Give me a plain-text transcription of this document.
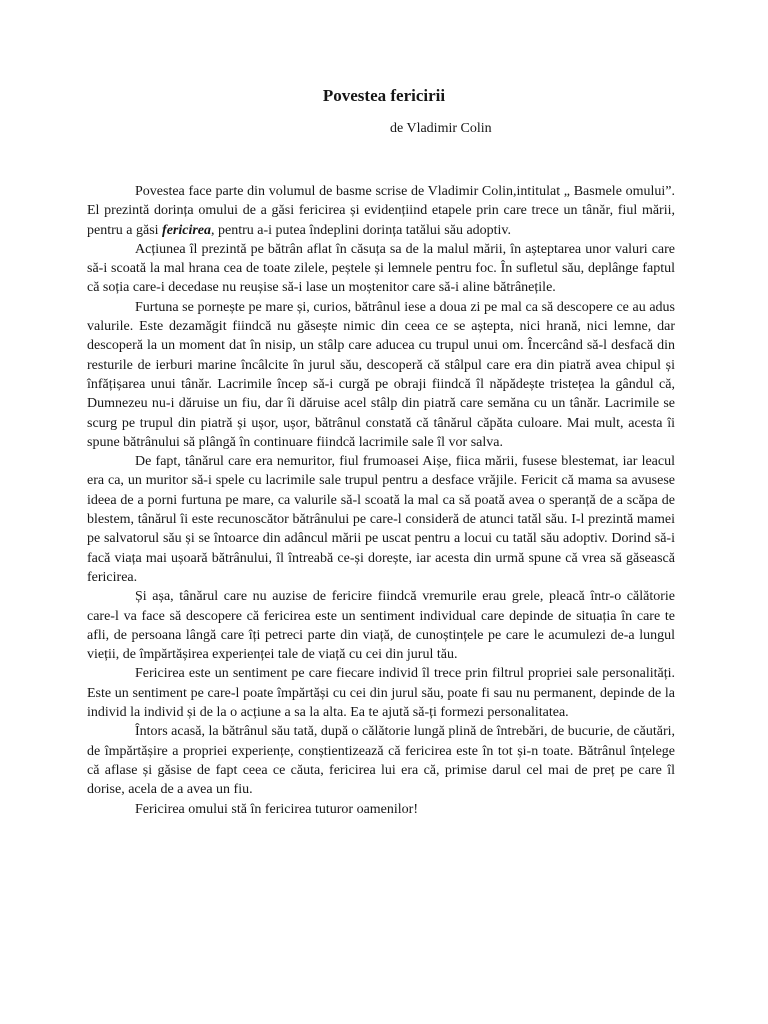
Povestea fericirii
de Vladimir Colin

Povestea face parte din volumul de basme scrise de Vladimir Colin,intitulat „ Basmele omului”. El prezintă dorința omului de a găsi fericirea și evidențiind etapele prin care trece un tânăr, fiul mării, pentru a găsi fericirea, pentru a-i putea îndeplini dorința tatălui său adoptiv.

Acțiunea îl prezintă pe bătrân aflat în căsuța sa de la malul mării, în așteptarea unor valuri care să-i scoată la mal hrana cea de toate zilele, peștele și lemnele pentru foc. În sufletul său, deplânge faptul că soția care-i decedase nu reușise să-i lase un moștenitor care să-i aline bătrânețile.

Furtuna se pornește pe mare și, curios, bătrânul iese a doua zi pe mal ca să descopere ce au adus valurile. Este dezamăgit fiindcă nu găsește nimic din ceea ce se aștepta, nici hrană, nici lemne, dar descoperă la un moment dat în nisip, un stâlp care aducea cu trupul unui om. Încercând să-l desfacă din resturile de ierburi marine încâlcite în jurul său, descoperă că stâlpul care era din piatră avea chipul și înfățișarea unui tânăr. Lacrimile încep să-i curgă pe obraji fiindcă îl năpădește tristețea la gândul că, Dumnezeu nu-i dăruise un fiu, dar îi dăruise acel stâlp din piatră care semăna cu un tânăr. Lacrimile se scurg pe trupul din piatră și ușor, ușor, bătrânul constată că tânărul căpăta culoare. Mai mult, acesta îi spune bătrânului să plângă în continuare fiindcă lacrimile sale îl vor salva.

De fapt, tânărul care era nemuritor, fiul frumoasei Aișe, fiica mării, fusese blestemat, iar leacul era ca, un muritor să-i spele cu lacrimile sale trupul pentru a desface vrăjile. Fericit că mama sa avusese ideea de a porni furtuna pe mare, ca valurile să-l scoată la mal ca să poată avea o speranță de a scăpa de blestem, tânărul îi este recunoscător bătrânului pe care-l consideră de atunci tatăl său. I-l prezintă mamei pe salvatorul său și se întoarce din adâncul mării pe uscat pentru a locui cu tatăl său adoptiv. Dorind să-i facă viața mai ușoară bătrânului, îl întreabă ce-și dorește, iar acesta din urmă spune că vrea să găsească fericirea.

Și așa, tânărul care nu auzise de fericire fiindcă vremurile erau grele, pleacă într-o călătorie care-l va face să descopere că fericirea este un sentiment individual care depinde de situația în care te afli, de persoana lângă care îți petreci parte din viață, de cunoștințele pe care le acumulezi de-a lungul vieții, de împărtășirea experienței tale de viață cu cei din jurul tău.

Fericirea este un sentiment pe care fiecare individ îl trece prin filtrul propriei sale personalități. Este un sentiment pe care-l poate împărtăși cu cei din jurul său, poate fi sau nu permanent, depinde de la individ la individ și de la o acțiune a sa la alta. Ea te ajută să-ți formezi personalitatea.

Întors acasă, la bătrânul său tată, după o călătorie lungă plină de întrebări, de bucurie, de căutări, de împărtășire a propriei experiențe, conștientizează că fericirea este în tot și-n toate. Bătrânul înțelege că aflase și găsise de fapt ceea ce căuta, fericirea lui era că, primise darul cel mai de preț pe care îl dorise, acela de a avea un fiu.

Fericirea omului stă în fericirea tuturor oamenilor!
